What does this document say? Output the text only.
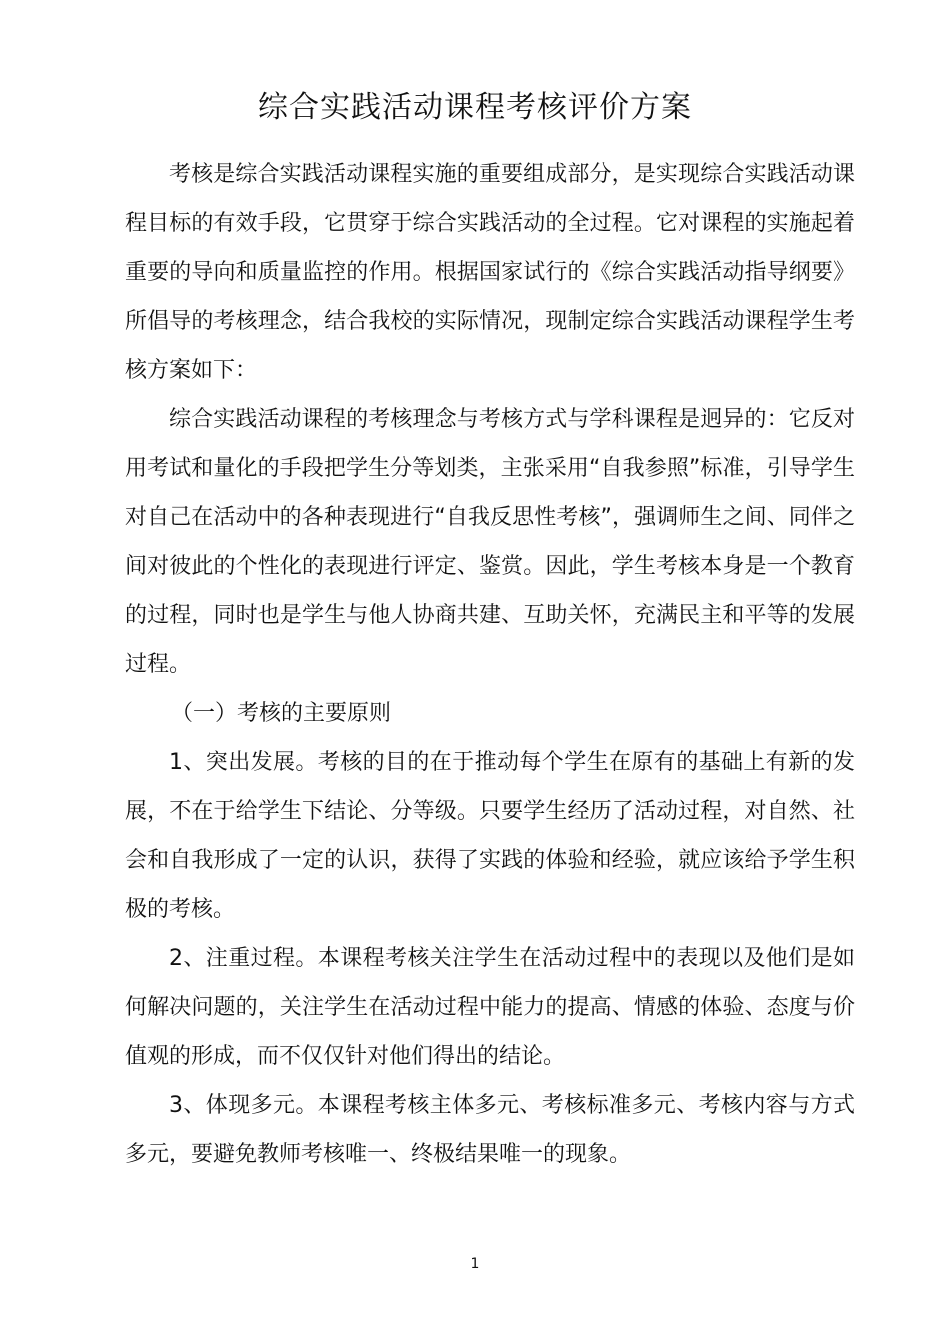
综合实践活动课程考核评价方案

考核是综合实践活动课程实施的重要组成部分，是实现综合实践活动课程目标的有效手段，它贯穿于综合实践活动的全过程。它对课程的实施起着重要的导向和质量监控的作用。根据国家试行的《综合实践活动指导纲要》所倡导的考核理念，结合我校的实际情况，现制定综合实践活动课程学生考核方案如下：

综合实践活动课程的考核理念与考核方式与学科课程是迥异的：它反对用考试和量化的手段把学生分等划类，主张采用“自我参照”标准，引导学生对自己在活动中的各种表现进行“自我反思性考核”，强调师生之间、同伴之间对彼此的个性化的表现进行评定、鉴赏。因此，学生考核本身是一个教育的过程，同时也是学生与他人协商共建、互助关怀，充满民主和平等的发展过程。

（一）考核的主要原则

1、突出发展。考核的目的在于推动每个学生在原有的基础上有新的发展，不在于给学生下结论、分等级。只要学生经历了活动过程，对自然、社会和自我形成了一定的认识，获得了实践的体验和经验，就应该给予学生积极的考核。

2、注重过程。本课程考核关注学生在活动过程中的表现以及他们是如何解决问题的，关注学生在活动过程中能力的提高、情感的体验、态度与价值观的形成，而不仅仅针对他们得出的结论。

3、体现多元。本课程考核主体多元、考核标准多元、考核内容与方式多元，要避免教师考核唯一、终极结果唯一的现象。

1
